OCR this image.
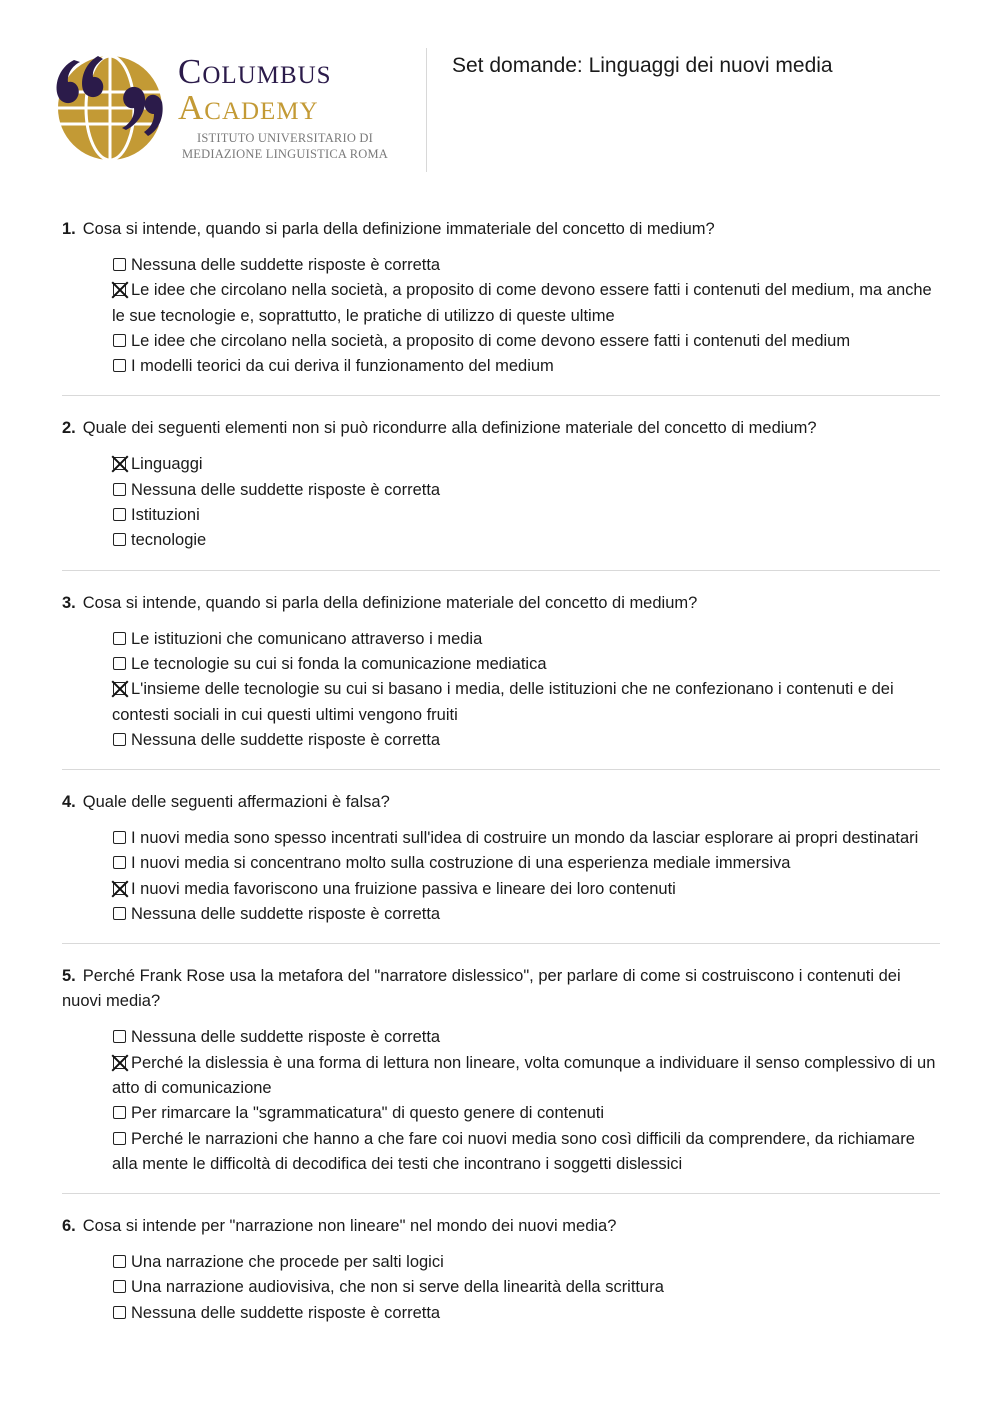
Columbus
Academy
ISTITUTO UNIVERSITARIO DI
MEDIAZIONE LINGUISTICA ROMA
Set domande: Linguaggi dei nuovi media
1. Cosa si intende, quando si parla della definizione immateriale del concetto di medium?
Nessuna delle suddette risposte è corretta
Le idee che circolano nella società, a proposito di come devono essere fatti i contenuti del medium, ma anche le sue tecnologie e, soprattutto, le pratiche di utilizzo di queste ultime
Le idee che circolano nella società, a proposito di come devono essere fatti i contenuti del medium
I modelli teorici da cui deriva il funzionamento del medium
2. Quale dei seguenti elementi non si può ricondurre alla definizione materiale del concetto di medium?
Linguaggi
Nessuna delle suddette risposte è corretta
Istituzioni
tecnologie
3. Cosa si intende, quando si parla della definizione materiale del concetto di medium?
Le istituzioni che comunicano attraverso i media
Le tecnologie su cui si fonda la comunicazione mediatica
L'insieme delle tecnologie su cui si basano i media, delle istituzioni che ne confezionano i contenuti e dei contesti sociali in cui questi ultimi vengono fruiti
Nessuna delle suddette risposte è corretta
4. Quale delle seguenti affermazioni è falsa?
I nuovi media sono spesso incentrati sull'idea di costruire un mondo da lasciar esplorare ai propri destinatari
I nuovi media si concentrano molto sulla costruzione di una esperienza mediale immersiva
I nuovi media favoriscono una fruizione passiva e lineare dei loro contenuti
Nessuna delle suddette risposte è corretta
5. Perché Frank Rose usa la metafora del "narratore dislessico", per parlare di come si costruiscono i contenuti dei nuovi media?
Nessuna delle suddette risposte è corretta
Perché la dislessia è una forma di lettura non lineare, volta comunque a individuare il senso complessivo di un atto di comunicazione
Per rimarcare la "sgrammaticatura" di questo genere di contenuti
Perché le narrazioni che hanno a che fare coi nuovi media sono così difficili da comprendere, da richiamare alla mente le difficoltà di decodifica dei testi che incontrano i soggetti dislessici
6. Cosa si intende per "narrazione non lineare" nel mondo dei nuovi media?
Una narrazione che procede per salti logici
Una narrazione audiovisiva, che non si serve della linearità della scrittura
Nessuna delle suddette risposte è corretta
